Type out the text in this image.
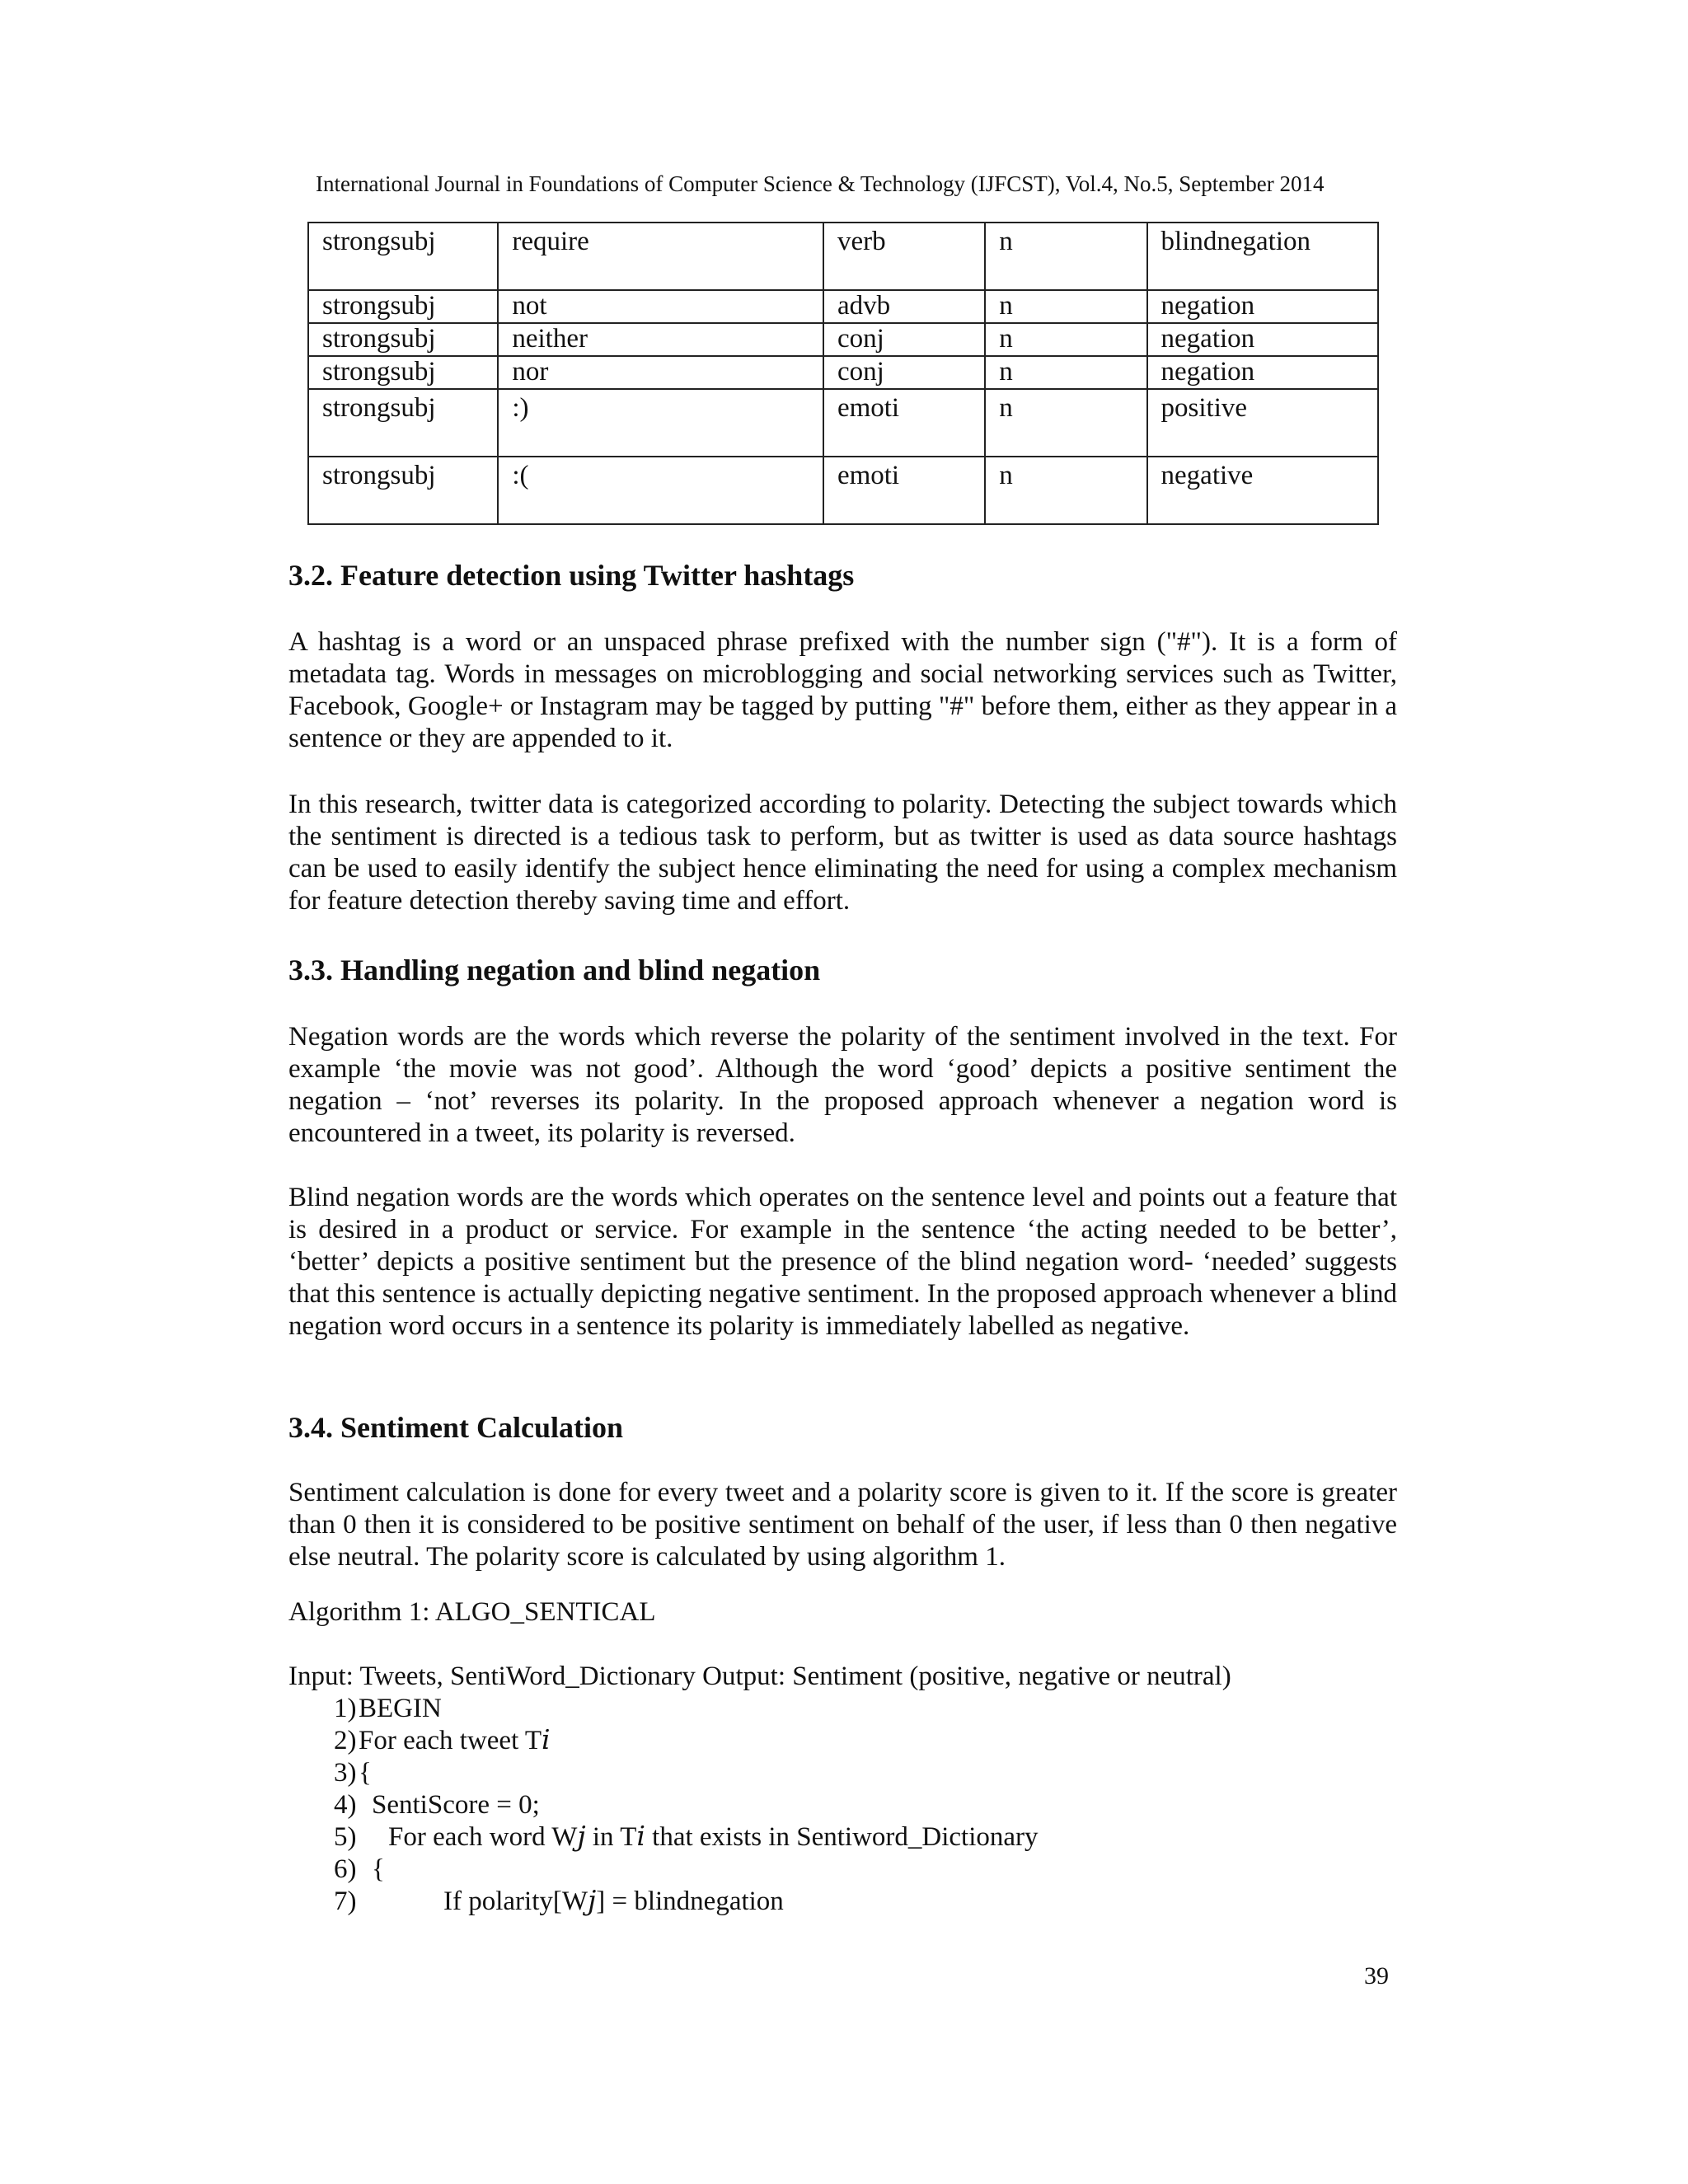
International Journal in Foundations of Computer Science & Technology (IJFCST), Vol.4, No.5, September 2014
strongsubj	require	verb	n	blindnegation
strongsubj	not	advb	n	negation
strongsubj	neither	conj	n	negation
strongsubj	nor	conj	n	negation
strongsubj	:)	emoti	n	positive
strongsubj	:(	emoti	n	negative
3.2. Feature detection using Twitter hashtags
A hashtag is a word or an unspaced phrase prefixed with the number sign ("#"). It is a form of metadata tag. Words in messages on microblogging and social networking services such as Twitter, Facebook, Google+ or Instagram may be tagged by putting "#" before them, either as they appear in a sentence or they are appended to it.
In this research, twitter data is categorized according to polarity. Detecting the subject towards which the sentiment is directed is a tedious task to perform, but as twitter is used as data source hashtags can be used to easily identify the subject hence eliminating the need for using a complex mechanism for feature detection thereby saving time and effort.
3.3. Handling negation and blind negation
Negation words are the words which reverse the polarity of the sentiment involved in the text. For example ‘the movie was not good’. Although the word ‘good’ depicts a positive sentiment the negation – ‘not’ reverses its polarity. In the proposed approach whenever a negation word is encountered in a tweet, its polarity is reversed.
Blind negation words are the words which operates on the sentence level and points out a feature that is desired in a product or service. For example in the sentence ‘the acting needed to be better’, ‘better’ depicts a positive sentiment but the presence of the blind negation word- ‘needed’ suggests that this sentence is actually depicting negative sentiment. In the proposed approach whenever a blind negation word occurs in a sentence its polarity is immediately labelled as negative.
3.4. Sentiment Calculation
Sentiment calculation is done for every tweet and a polarity score is given to it. If the score is greater than 0 then it is considered to be positive sentiment on behalf of the user, if less than 0 then negative else neutral. The polarity score is calculated by using algorithm 1.
Algorithm 1: ALGO_SENTICAL
Input: Tweets, SentiWord_Dictionary Output: Sentiment (positive, negative or neutral)
1)BEGIN
2)For each tweet T𝑖
3){
4) SentiScore = 0;
5) For each word W𝑗 in T𝑖 that exists in Sentiword_Dictionary
6) {
7)	If polarity[W𝑗] = blindnegation
39
